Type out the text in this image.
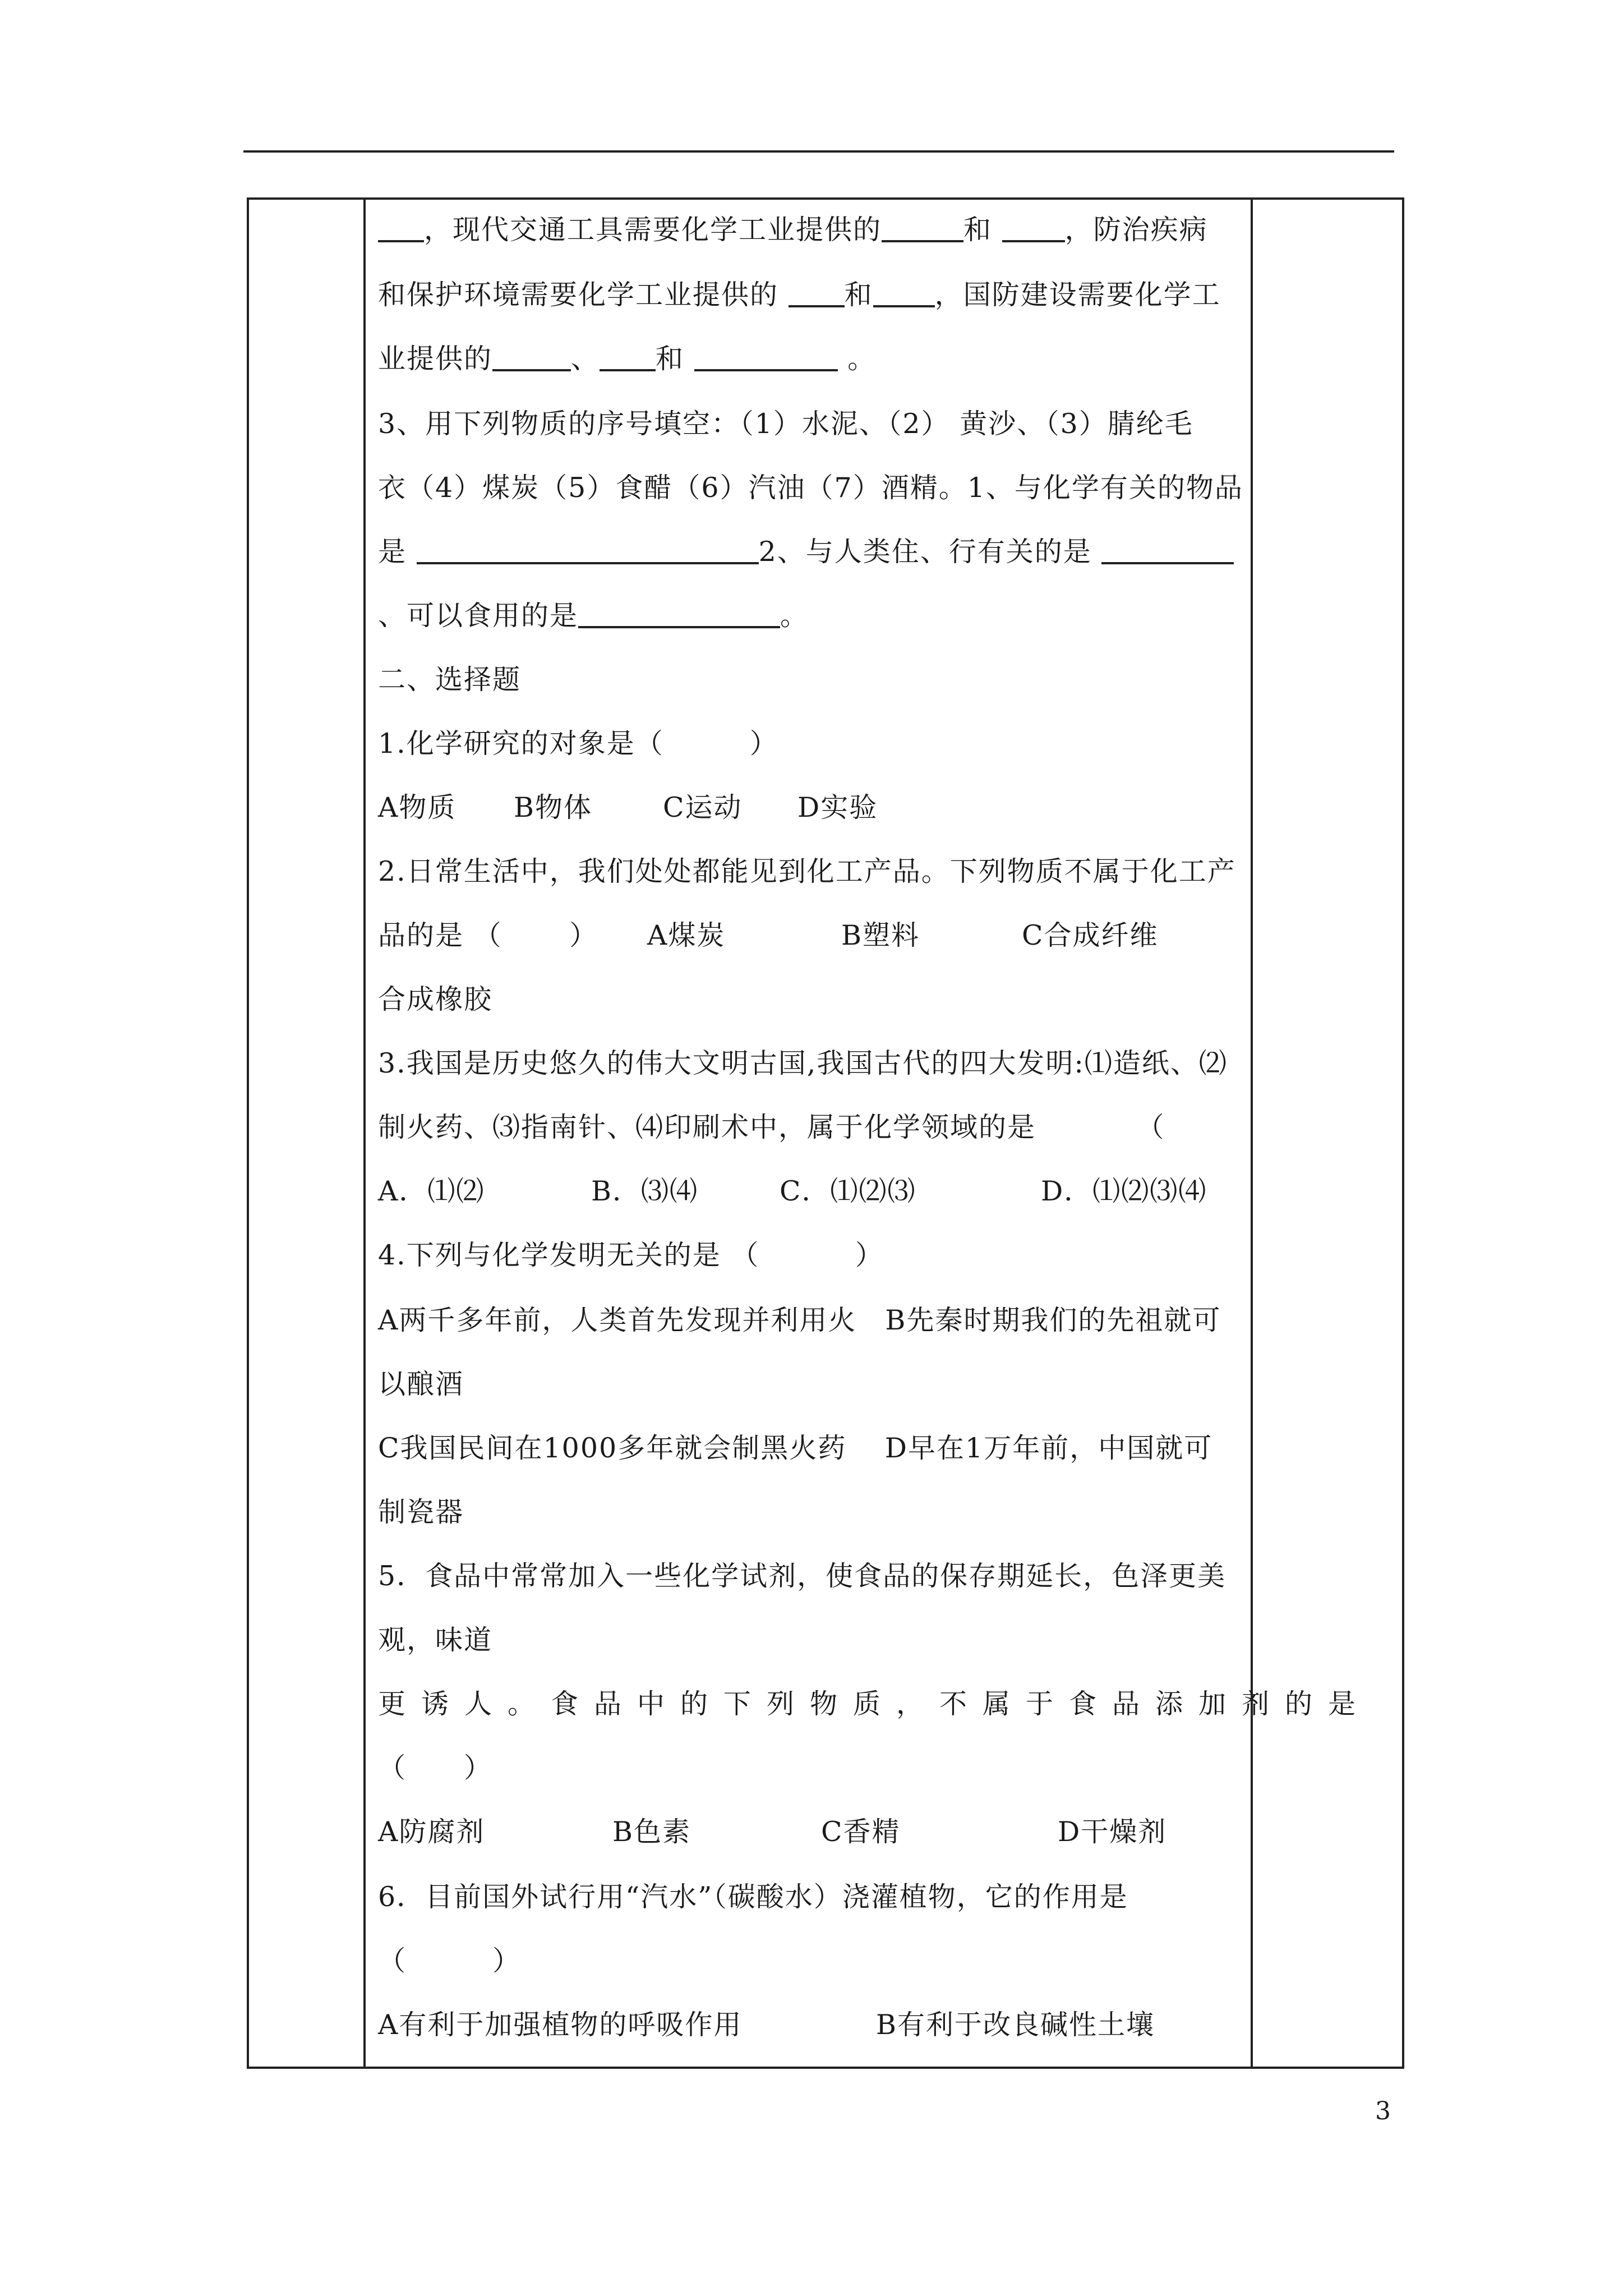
，现代交通工具需要化学工业提供的	和	，防治疾病
和保护环境需要化学工业提供的 和 ，国防建设需要化学工
业提供的	、 和	。
3、用下列物质的序号填空：（1）水泥、（2） 黄沙、（3）腈纶毛
衣（4）煤炭（5）食醋（6）汽油（7）酒精。1、与化学有关的物品
是	2、与人类住、行有关的是
、可以食用的是	。
二、选择题
1.化学研究的对象是（　　　）
A物质 B物体	C运动 D实验
2.日常生活中，我们处处都能见到化工产品。下列物质不属于化工产
品的是 （　　 ） A煤炭	B塑料	C合成纤维
合成橡胶
3.我国是历史悠久的伟大文明古国,我国古代的四大发明:⑴造纸、⑵
制火药、⑶指南针、⑷印刷术中，属于化学领域的是　　　　（
A．⑴⑵	B．⑶⑷	C．⑴⑵⑶	D．⑴⑵⑶⑷
4.下列与化学发明无关的是 （　　　 ）
A两千多年前，人类首先发现并利用火　B先秦时期我们的先祖就可
以酿酒
C我国民间在1000多年就会制黑火药　 D早在1万年前，中国就可
制瓷器
5．食品中常常加入一些化学试剂，使食品的保存期延长，色泽更美
观，味道
更诱人。食品中的下列物质，不属于食品添加剂的是
（　　）
A防腐剂	B色素	C香精	D干燥剂
6．目前国外试行用“汽水”（碳酸水）浇灌植物，它的作用是
（　　　）
A有利于加强植物的呼吸作用	B有利于改良碱性土壤
3
